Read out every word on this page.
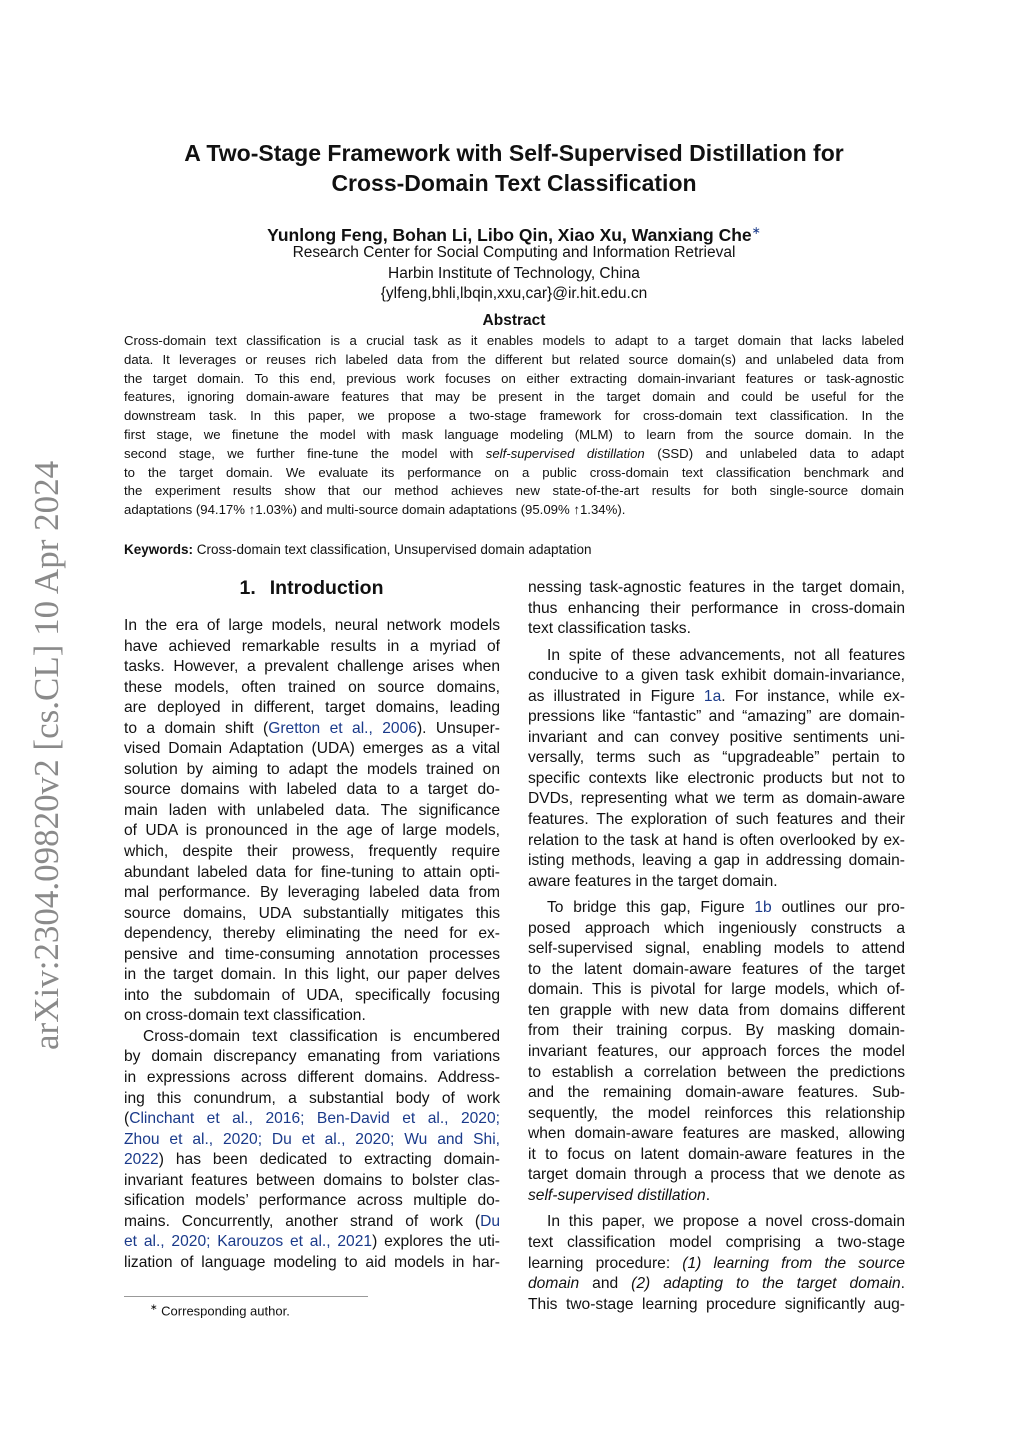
arXiv:2304.09820v2 [cs.CL] 10 Apr 2024
A Two-Stage Framework with Self-Supervised Distillation for
Cross-Domain Text Classification
Yunlong Feng, Bohan Li, Libo Qin, Xiao Xu, Wanxiang Che∗
Research Center for Social Computing and Information Retrieval
Harbin Institute of Technology, China
{ylfeng,bhli,lbqin,xxu,car}@ir.hit.edu.cn
Abstract
Cross-domain text classification is a crucial task as it enables models to adapt to a target domain that lacks labeled
data. It leverages or reuses rich labeled data from the different but related source domain(s) and unlabeled data from
the target domain. To this end, previous work focuses on either extracting domain-invariant features or task-agnostic
features, ignoring domain-aware features that may be present in the target domain and could be useful for the
downstream task. In this paper, we propose a two-stage framework for cross-domain text classification. In the
first stage, we finetune the model with mask language modeling (MLM) to learn from the source domain. In the
second stage, we further fine-tune the model with self-supervised distillation (SSD) and unlabeled data to adapt
to the target domain. We evaluate its performance on a public cross-domain text classification benchmark and
the experiment results show that our method achieves new state-of-the-art results for both single-source domain
adaptations (94.17% ↑1.03%) and multi-source domain adaptations (95.09% ↑1.34%).
Keywords: Cross-domain text classification, Unsupervised domain adaptation
1. Introduction
In the era of large models, neural network models
have achieved remarkable results in a myriad of
tasks. However, a prevalent challenge arises when
these models, often trained on source domains,
are deployed in different, target domains, leading
to a domain shift (Gretton et al., 2006). Unsuper-
vised Domain Adaptation (UDA) emerges as a vital
solution by aiming to adapt the models trained on
source domains with labeled data to a target do-
main laden with unlabeled data. The significance
of UDA is pronounced in the age of large models,
which, despite their prowess, frequently require
abundant labeled data for fine-tuning to attain opti-
mal performance. By leveraging labeled data from
source domains, UDA substantially mitigates this
dependency, thereby eliminating the need for ex-
pensive and time-consuming annotation processes
in the target domain. In this light, our paper delves
into the subdomain of UDA, specifically focusing
on cross-domain text classification.
Cross-domain text classification is encumbered
by domain discrepancy emanating from variations
in expressions across different domains. Address-
ing this conundrum, a substantial body of work
(Clinchant et al., 2016; Ben-David et al., 2020;
Zhou et al., 2020; Du et al., 2020; Wu and Shi,
2022) has been dedicated to extracting domain-
invariant features between domains to bolster clas-
sification models’ performance across multiple do-
mains. Concurrently, another strand of work (Du
et al., 2020; Karouzos et al., 2021) explores the uti-
lization of language modeling to aid models in har-
nessing task-agnostic features in the target domain,
thus enhancing their performance in cross-domain
text classification tasks.
In spite of these advancements, not all features
conducive to a given task exhibit domain-invariance,
as illustrated in Figure 1a. For instance, while ex-
pressions like “fantastic” and “amazing” are domain-
invariant and can convey positive sentiments uni-
versally, terms such as “upgradeable” pertain to
specific contexts like electronic products but not to
DVDs, representing what we term as domain-aware
features. The exploration of such features and their
relation to the task at hand is often overlooked by ex-
isting methods, leaving a gap in addressing domain-
aware features in the target domain.
To bridge this gap, Figure 1b outlines our pro-
posed approach which ingeniously constructs a
self-supervised signal, enabling models to attend
to the latent domain-aware features of the target
domain. This is pivotal for large models, which of-
ten grapple with new data from domains different
from their training corpus. By masking domain-
invariant features, our approach forces the model
to establish a correlation between the predictions
and the remaining domain-aware features. Sub-
sequently, the model reinforces this relationship
when domain-aware features are masked, allowing
it to focus on latent domain-aware features in the
target domain through a process that we denote as
self-supervised distillation.
In this paper, we propose a novel cross-domain
text classification model comprising a two-stage
learning procedure: (1) learning from the source
domain and (2) adapting to the target domain.
This two-stage learning procedure significantly aug-
∗ Corresponding author.
